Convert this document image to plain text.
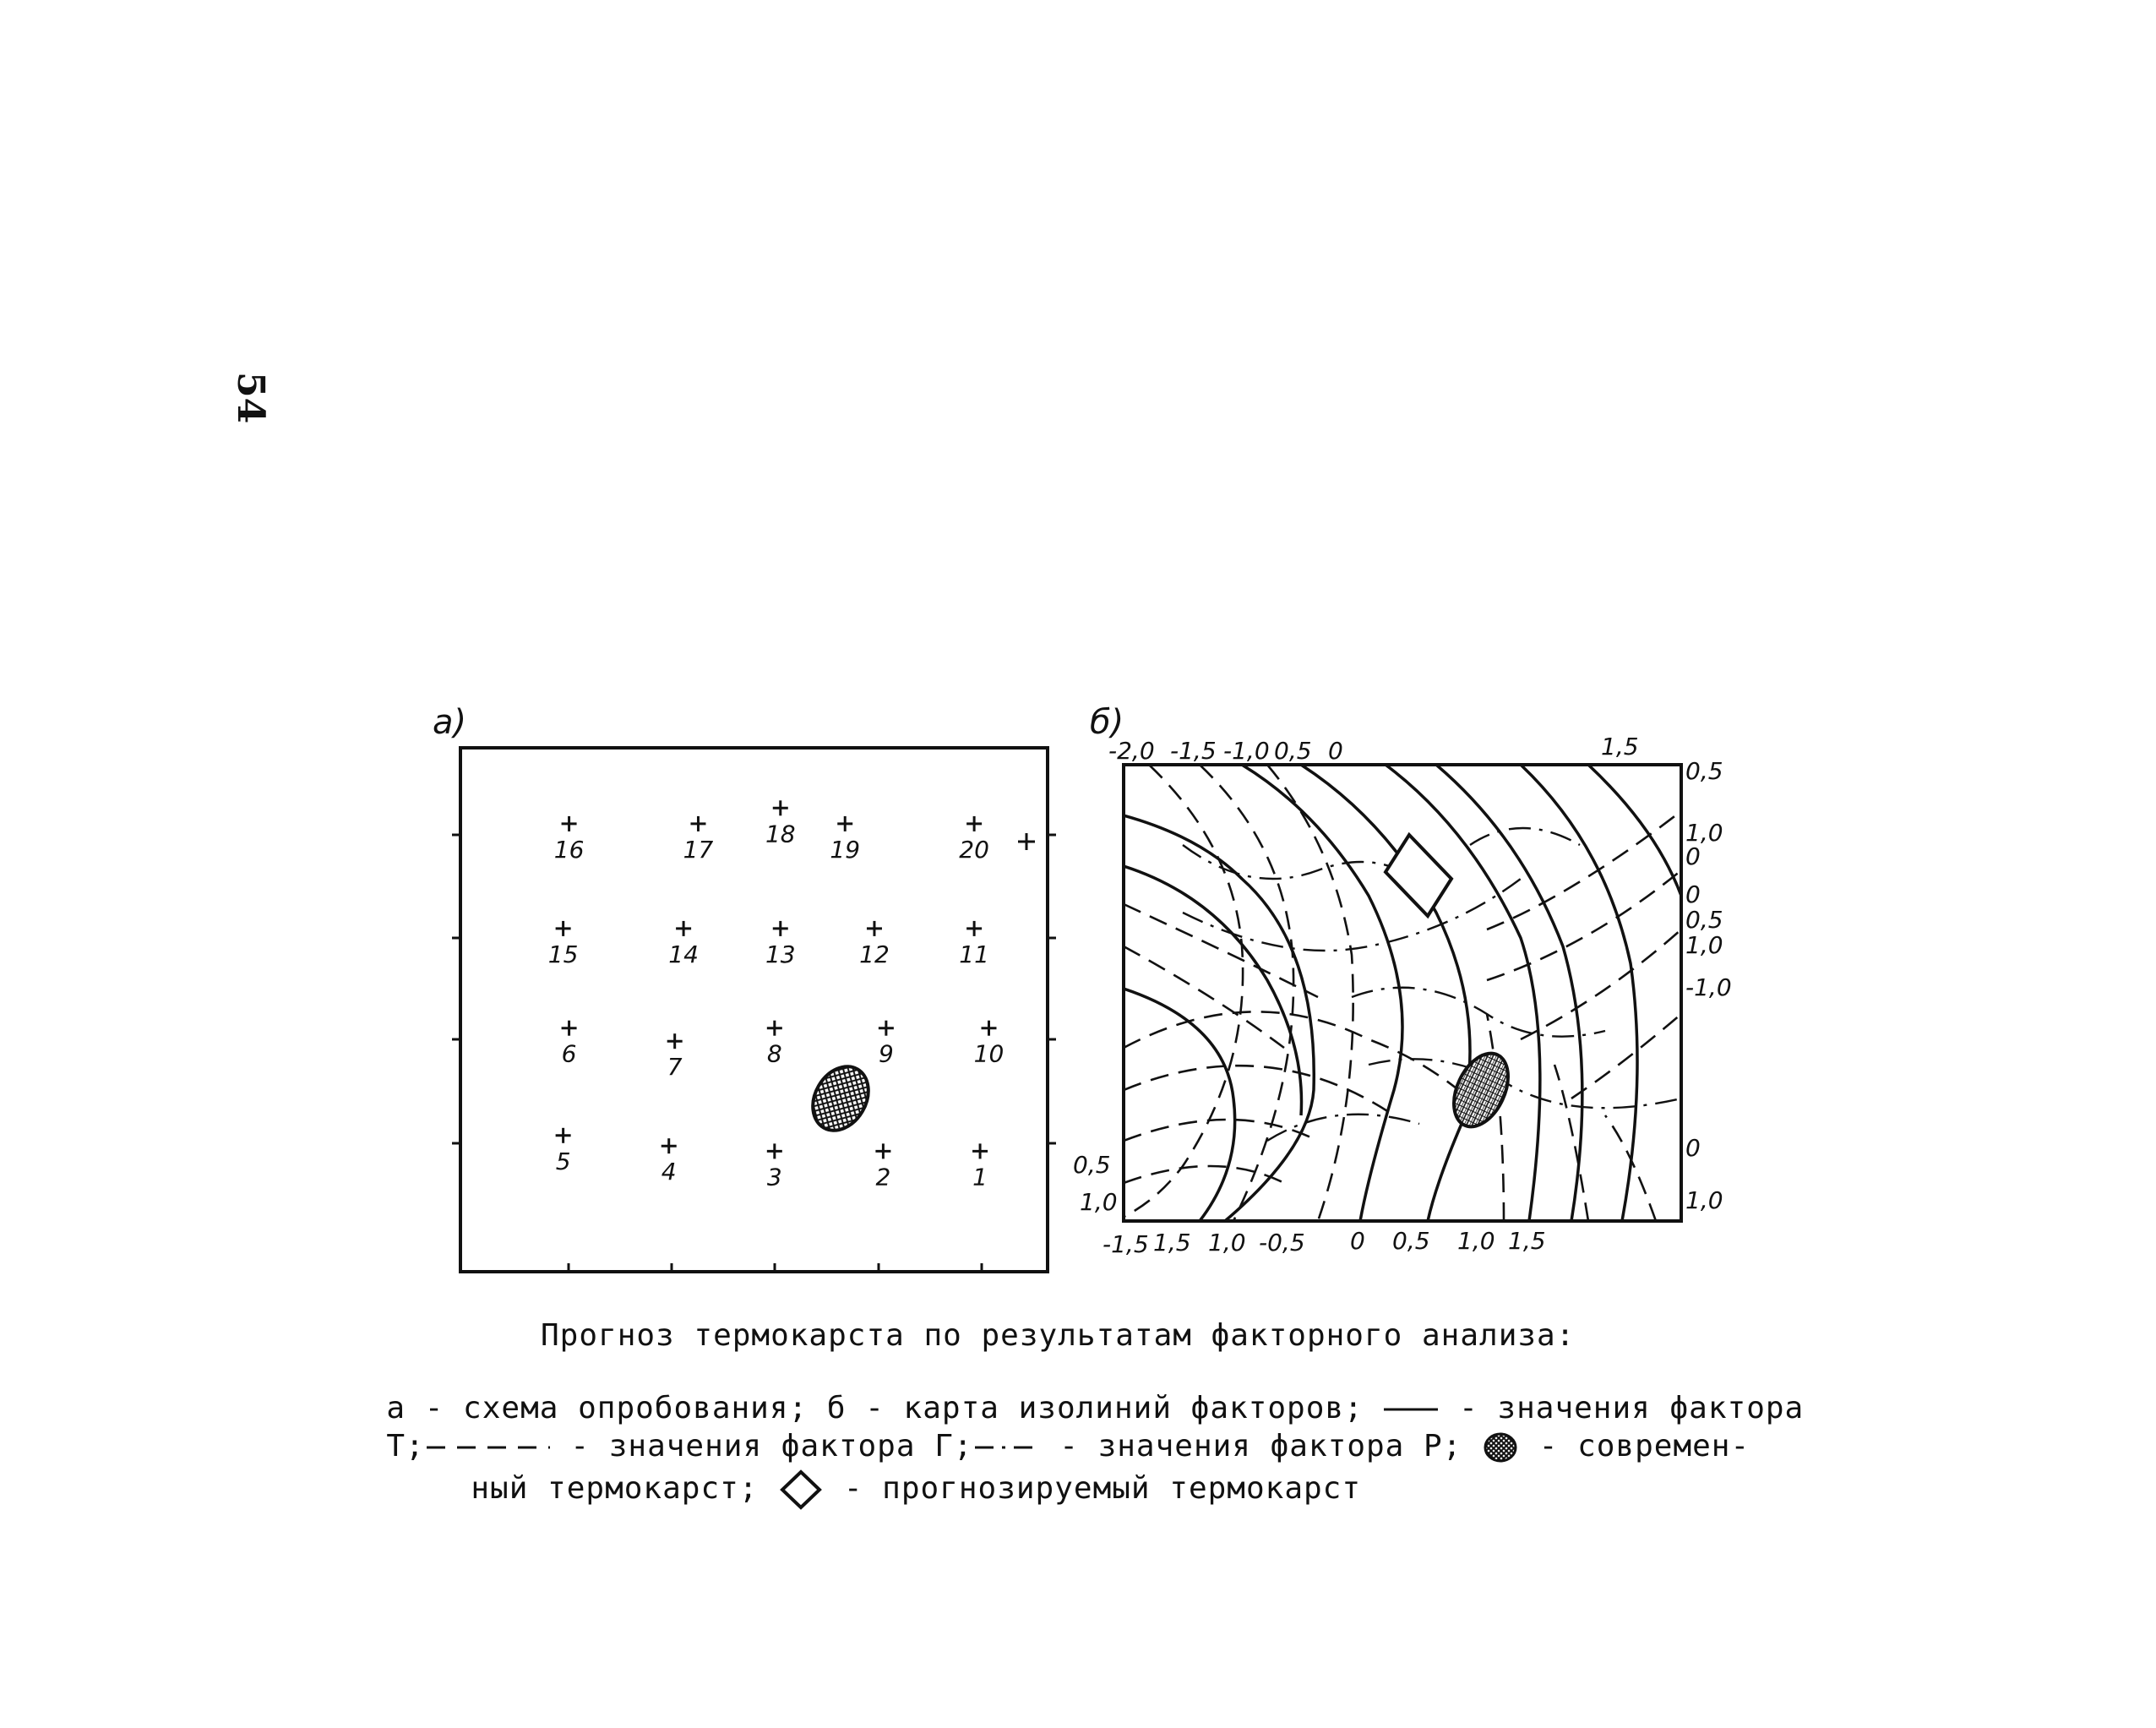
54
a)
1
2
3
4
5
6	7	8	9	10
11
12
13
14
15
16	17
18
19	20
б)
-2,0 -1,5 -1,0 0,5 0	1,5
0,5
1,0
0
0
0,5
1,0
-1,0
0
1,0
0,5
1,0
-1,5 1,5 1,0 -0,5 0 0,5 1,0 1,5
Прогноз термокарста по результатам факторного анализа:

а - схема опробования; б - карта изолиний факторов;  - значения фактора

Т;	- значения фактора Г; - значения фактора Р;  - современ-

ный термокарст;  - прогнозируемый термокарст
